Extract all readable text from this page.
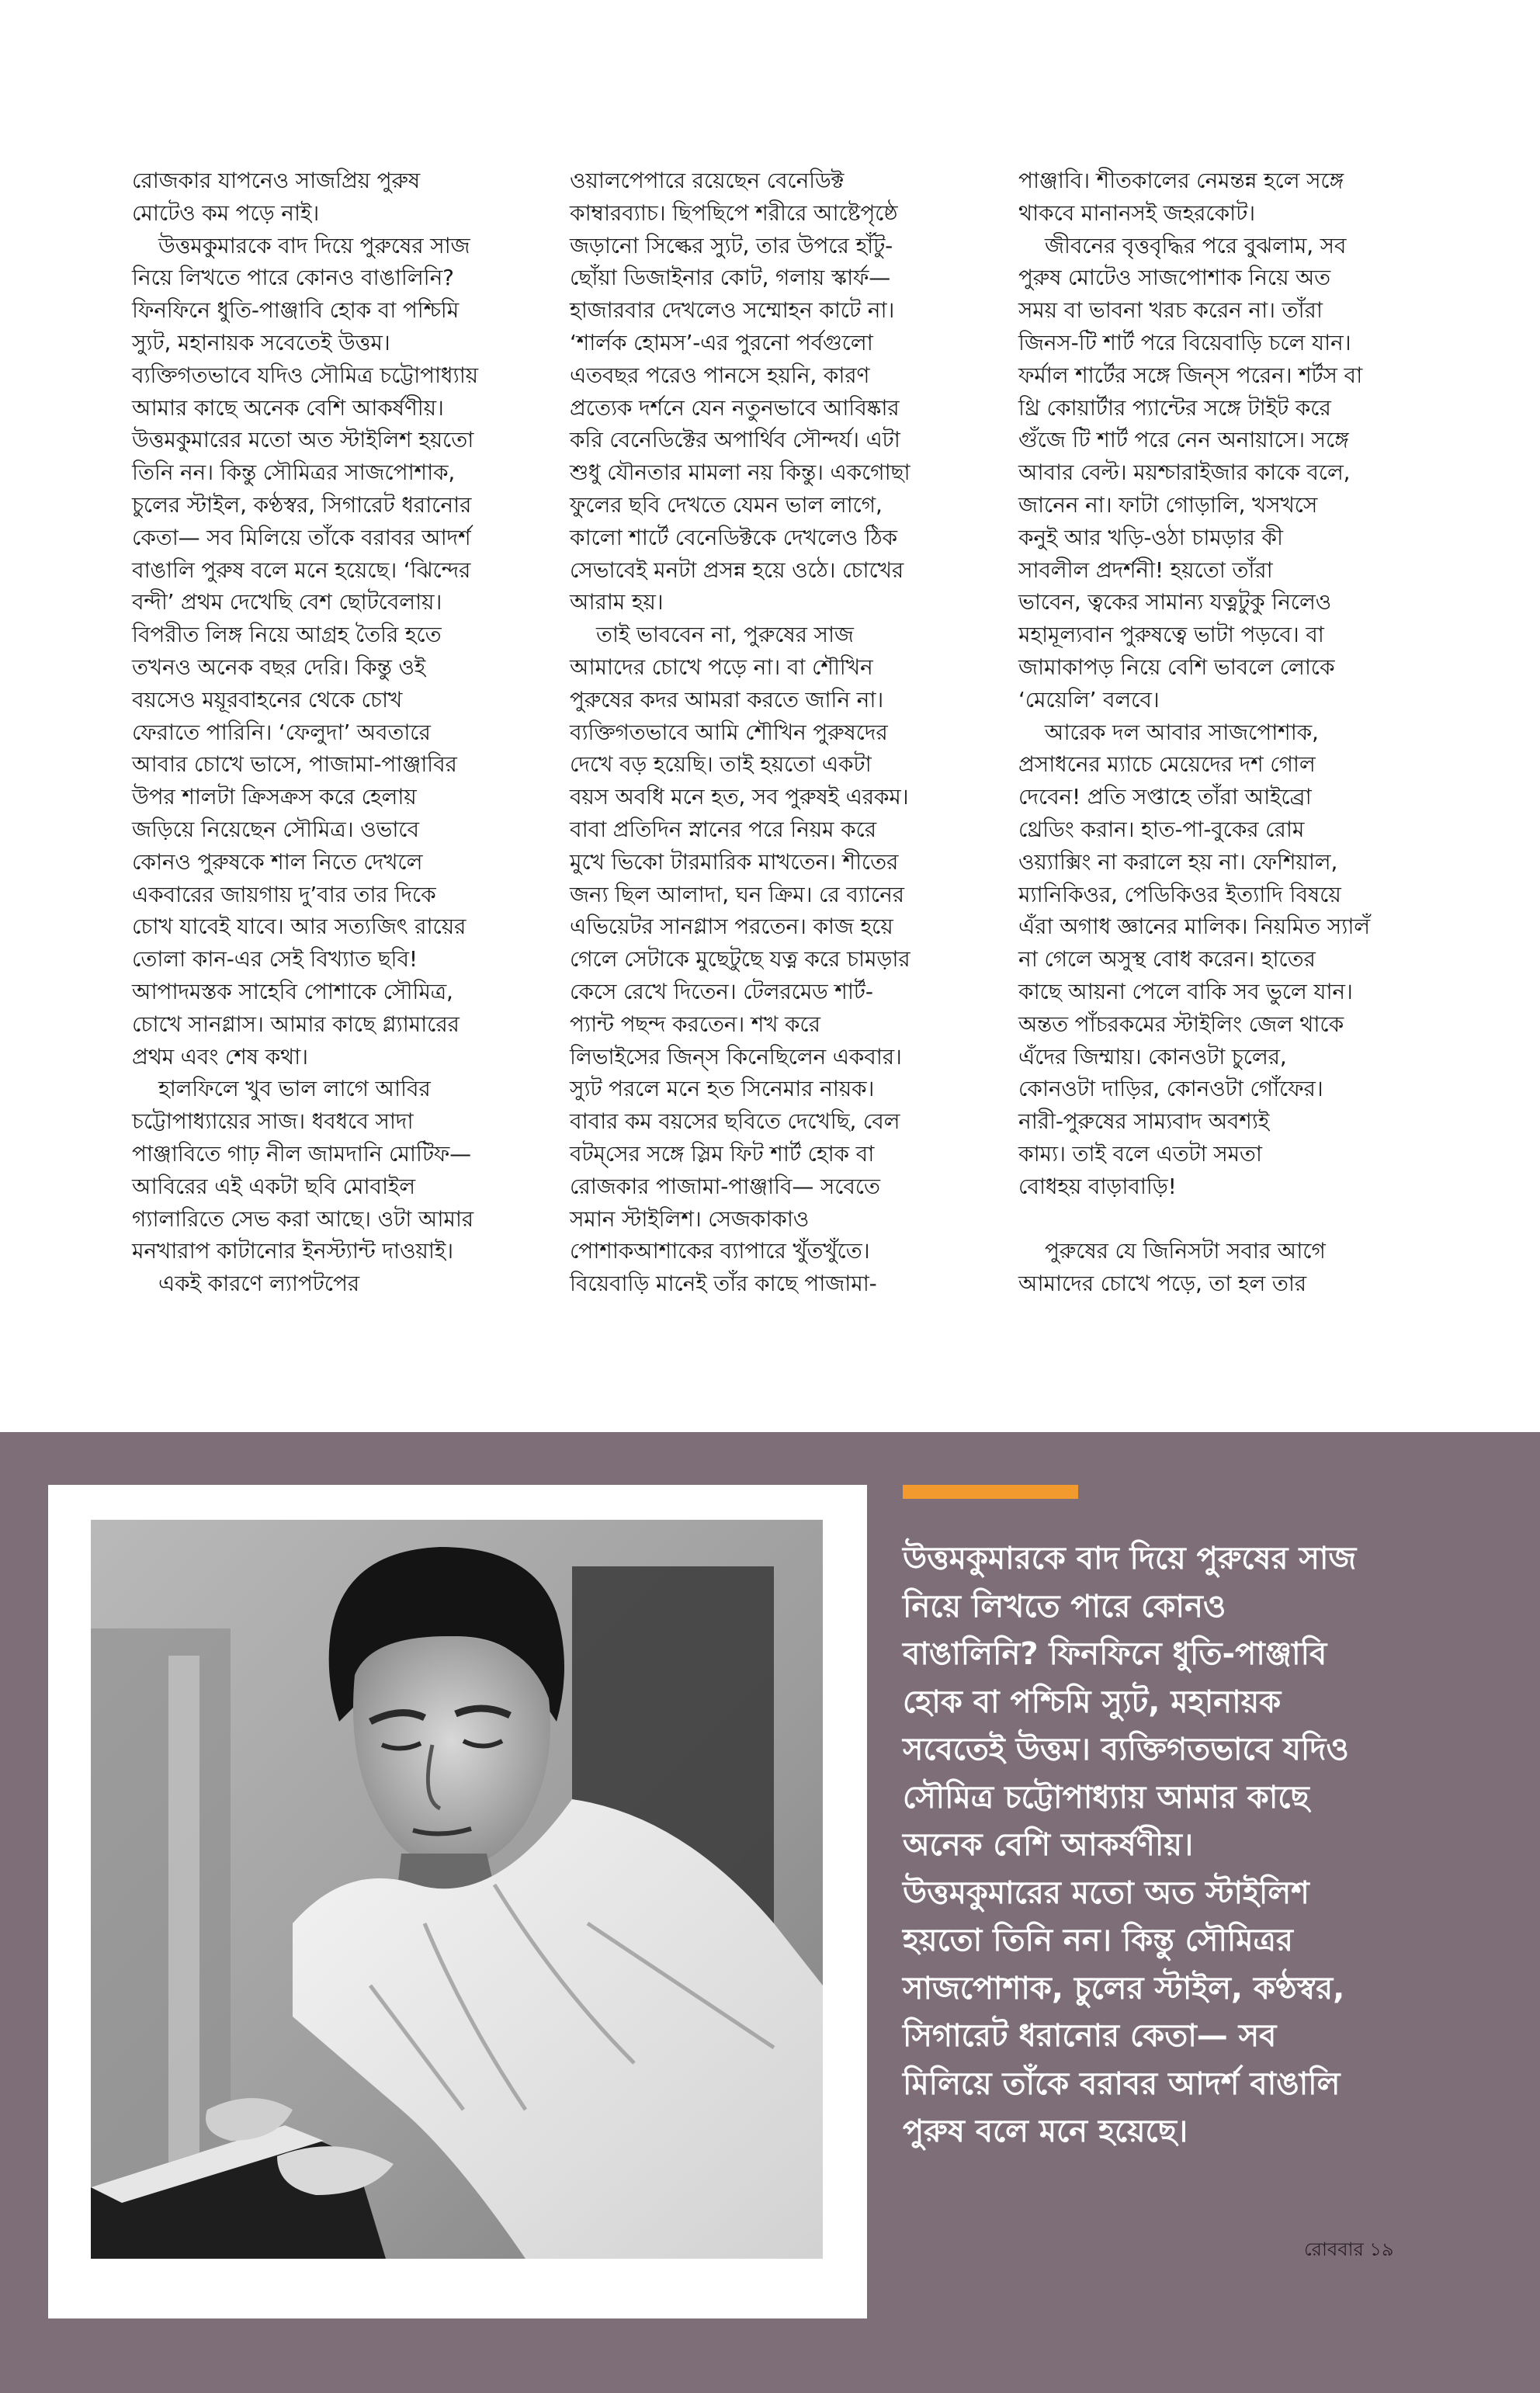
রোজকার যাপনেও সাজপ্রিয় পুরুষ
মোটেও কম পড়ে নাই।
উত্তমকুমারকে বাদ দিয়ে পুরুষের সাজ
নিয়ে লিখতে পারে কোনও বাঙালিনি?
ফিনফিনে ধুতি-পাঞ্জাবি হোক বা পশ্চিমি
স্যুট, মহানায়ক সবেতেই উত্তম।
ব্যক্তিগতভাবে যদিও সৌমিত্র চট্টোপাধ্যায়
আমার কাছে অনেক বেশি আকর্ষণীয়।
উত্তমকুমারের মতো অত স্টাইলিশ হয়তো
তিনি নন। কিন্তু সৌমিত্রর সাজপোশাক,
চুলের স্টাইল, কণ্ঠস্বর, সিগারেট ধরানোর
কেতা— সব মিলিয়ে তাঁকে বরাবর আদর্শ
বাঙালি পুরুষ বলে মনে হয়েছে। ‘ঝিন্দের
বন্দী’ প্রথম দেখেছি বেশ ছোটবেলায়।
বিপরীত লিঙ্গ নিয়ে আগ্রহ তৈরি হতে
তখনও অনেক বছর দেরি। কিন্তু ওই
বয়সেও ময়ূরবাহনের থেকে চোখ
ফেরাতে পারিনি। ‘ফেলুদা’ অবতারে
আবার চোখে ভাসে, পাজামা-পাঞ্জাবির
উপর শালটা ক্রিসক্রস করে হেলায়
জড়িয়ে নিয়েছেন সৌমিত্র। ওভাবে
কোনও পুরুষকে শাল নিতে দেখলে
একবারের জায়গায় দু’বার তার দিকে
চোখ যাবেই যাবে। আর সত্যজিৎ রায়ের
তোলা কান-এর সেই বিখ্যাত ছবি!
আপাদমস্তক সাহেবি পোশাকে সৌমিত্র,
চোখে সানগ্লাস। আমার কাছে গ্ল্যামারের
প্রথম এবং শেষ কথা।
হালফিলে খুব ভাল লাগে আবির
চট্টোপাধ্যায়ের সাজ। ধবধবে সাদা
পাঞ্জাবিতে গাঢ় নীল জামদানি মোটিফ—
আবিরের এই একটা ছবি মোবাইল
গ্যালারিতে সেভ করা আছে। ওটা আমার
মনখারাপ কাটানোর ইনস্ট্যান্ট দাওয়াই।
একই কারণে ল্যাপটপের
ওয়ালপেপারে রয়েছেন বেনেডিক্ট
কাম্বারব্যাচ। ছিপছিপে শরীরে আষ্টেপৃষ্ঠে
জড়ানো সিল্কের স্যুট, তার উপরে হাঁটু-
ছোঁয়া ডিজাইনার কোট, গলায় স্কার্ফ—
হাজারবার দেখলেও সম্মোহন কাটে না।
‘শার্লক হোমস’-এর পুরনো পর্বগুলো
এতবছর পরেও পানসে হয়নি, কারণ
প্রত্যেক দর্শনে যেন নতুনভাবে আবিষ্কার
করি বেনেডিক্টের অপার্থিব সৌন্দর্য। এটা
শুধু যৌনতার মামলা নয় কিন্তু। একগোছা
ফুলের ছবি দেখতে যেমন ভাল লাগে,
কালো শার্টে বেনেডিক্টকে দেখলেও ঠিক
সেভাবেই মনটা প্রসন্ন হয়ে ওঠে। চোখের
আরাম হয়।
তাই ভাববেন না, পুরুষের সাজ
আমাদের চোখে পড়ে না। বা শৌখিন
পুরুষের কদর আমরা করতে জানি না।
ব্যক্তিগতভাবে আমি শৌখিন পুরুষদের
দেখে বড় হয়েছি। তাই হয়তো একটা
বয়স অবধি মনে হত, সব পুরুষই এরকম।
বাবা প্রতিদিন স্নানের পরে নিয়ম করে
মুখে ভিকো টারমারিক মাখতেন। শীতের
জন্য ছিল আলাদা, ঘন ক্রিম। রে ব্যানের
এভিয়েটর সানগ্লাস পরতেন। কাজ হয়ে
গেলে সেটাকে মুছেটুছে যত্ন করে চামড়ার
কেসে রেখে দিতেন। টেলরমেড শার্ট-
প্যান্ট পছন্দ করতেন। শখ করে
লিভাইসের জিন্‌স কিনেছিলেন একবার।
স্যুট পরলে মনে হত সিনেমার নায়ক।
বাবার কম বয়সের ছবিতে দেখেছি, বেল
বটম্‌সের সঙ্গে স্লিম ফিট শার্ট হোক বা
রোজকার পাজামা-পাঞ্জাবি— সবেতে
সমান স্টাইলিশ। সেজকাকাও
পোশাকআশাকের ব্যাপারে খুঁতখুঁতে।
বিয়েবাড়ি মানেই তাঁর কাছে পাজামা-
পাঞ্জাবি। শীতকালের নেমন্তন্ন হলে সঙ্গে
থাকবে মানানসই জহরকোট।
জীবনের বৃত্তবৃদ্ধির পরে বুঝলাম, সব
পুরুষ মোটেও সাজপোশাক নিয়ে অত
সময় বা ভাবনা খরচ করেন না। তাঁরা
জিনস-টি শার্ট পরে বিয়েবাড়ি চলে যান।
ফর্মাল শার্টের সঙ্গে জিন্‌স পরেন। শর্টস বা
থ্রি কোয়ার্টার প্যান্টের সঙ্গে টাইট করে
গুঁজে টি শার্ট পরে নেন অনায়াসে। সঙ্গে
আবার বেল্ট। ময়শ্চারাইজার কাকে বলে,
জানেন না। ফাটা গোড়ালি, খসখসে
কনুই আর খড়ি-ওঠা চামড়ার কী
সাবলীল প্রদর্শনী! হয়তো তাঁরা
ভাবেন, ত্বকের সামান্য যত্নটুকু নিলেও
মহামূল্যবান পুরুষত্বে ভাটা পড়বে। বা
জামাকাপড় নিয়ে বেশি ভাবলে লোকে
‘মেয়েলি’ বলবে।
আরেক দল আবার সাজপোশাক,
প্রসাধনের ম্যাচে মেয়েদের দশ গোল
দেবেন! প্রতি সপ্তাহে তাঁরা আইব্রো
থ্রেডিং করান। হাত-পা-বুকের রোম
ওয়্যাক্সিং না করালে হয় না। ফেশিয়াল,
ম্যানিকিওর, পেডিকিওর ইত্যাদি বিষয়ে
এঁরা অগাধ জ্ঞানের মালিক। নিয়মিত স্যালঁ
না গেলে অসুস্থ বোধ করেন। হাতের
কাছে আয়না পেলে বাকি সব ভুলে যান।
অন্তত পাঁচরকমের স্টাইলিং জেল থাকে
এঁদের জিম্মায়। কোনওটা চুলের,
কোনওটা দাড়ির, কোনওটা গোঁফের।
নারী-পুরুষের সাম্যবাদ অবশ্যই
কাম্য। তাই বলে এতটা সমতা
বোধহয় বাড়াবাড়ি!
পুরুষের যে জিনিসটা সবার আগে
আমাদের চোখে পড়ে, তা হল তার
উত্তমকুমারকে বাদ দিয়ে পুরুষের সাজ
নিয়ে লিখতে পারে কোনও
বাঙালিনি? ফিনফিনে ধুতি-পাঞ্জাবি
হোক বা পশ্চিমি স্যুট, মহানায়ক
সবেতেই উত্তম। ব্যক্তিগতভাবে যদিও
সৌমিত্র চট্টোপাধ্যায় আমার কাছে
অনেক বেশি আকর্ষণীয়।
উত্তমকুমারের মতো অত স্টাইলিশ
হয়তো তিনি নন। কিন্তু সৌমিত্রর
সাজপোশাক, চুলের স্টাইল, কণ্ঠস্বর,
সিগারেট ধরানোর কেতা— সব
মিলিয়ে তাঁকে বরাবর আদর্শ বাঙালি
পুরুষ বলে মনে হয়েছে।
রোববার ১৯
